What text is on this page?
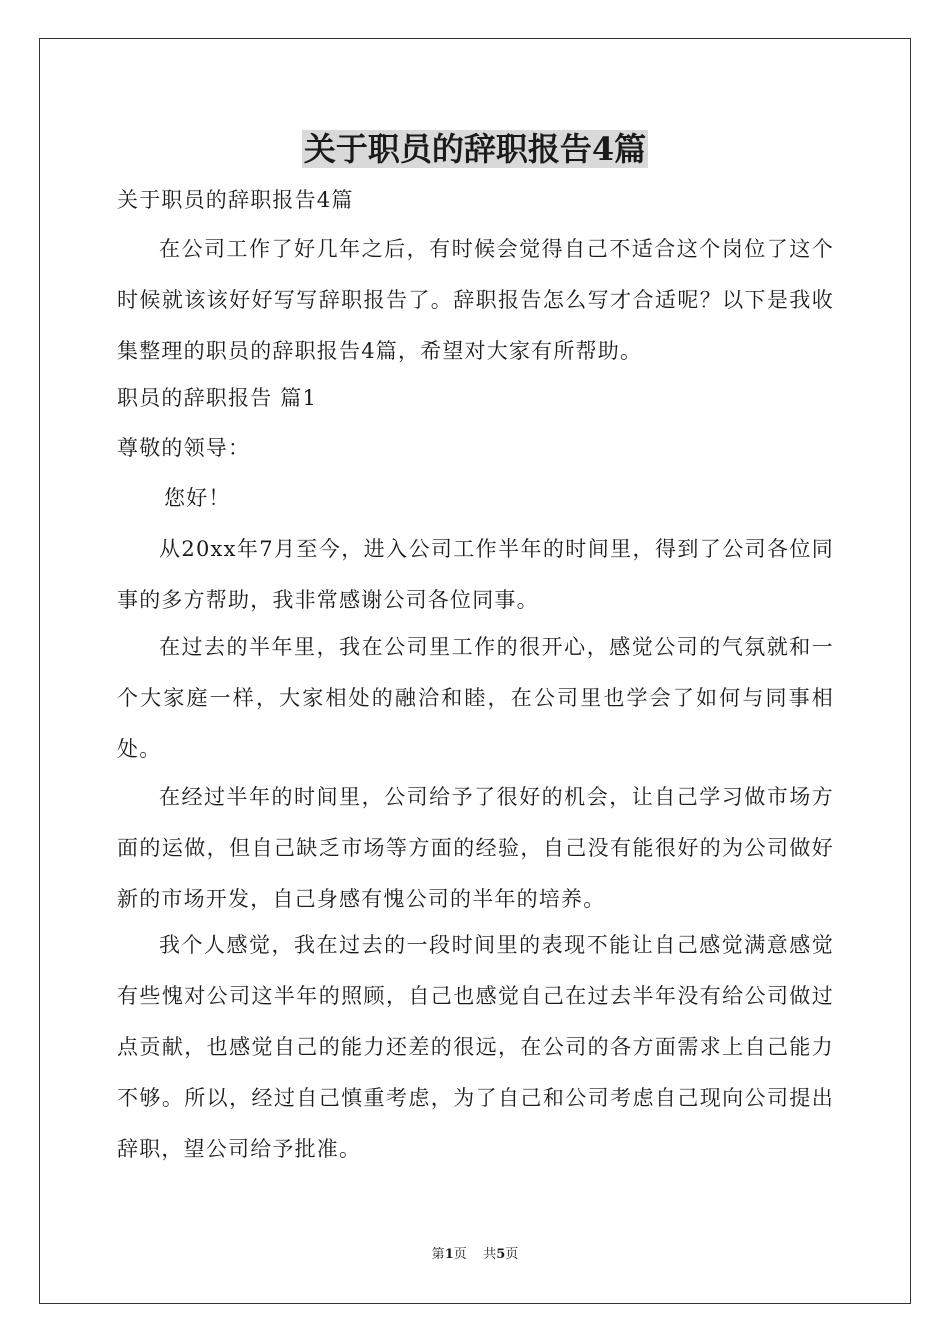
关于职员的辞职报告4篇
关于职员的辞职报告4篇
在公司工作了好几年之后，有时候会觉得自己不适合这个岗位了这个时候就该该好好写写辞职报告了。辞职报告怎么写才合适呢？以下是我收集整理的职员的辞职报告4篇，希望对大家有所帮助。
职员的辞职报告 篇1
尊敬的领导：
您好！
从20xx年7月至今，进入公司工作半年的时间里，得到了公司各位同事的多方帮助，我非常感谢公司各位同事。
在过去的半年里，我在公司里工作的很开心，感觉公司的气氛就和一个大家庭一样，大家相处的融洽和睦，在公司里也学会了如何与同事相处。
在经过半年的时间里，公司给予了很好的机会，让自己学习做市场方面的运做，但自己缺乏市场等方面的经验，自己没有能很好的为公司做好新的市场开发，自己身感有愧公司的半年的培养。
我个人感觉，我在过去的一段时间里的表现不能让自己感觉满意感觉有些愧对公司这半年的照顾，自己也感觉自己在过去半年没有给公司做过点贡献，也感觉自己的能力还差的很远，在公司的各方面需求上自己能力不够。所以，经过自己慎重考虑，为了自己和公司考虑自己现向公司提出辞职，望公司给予批准。
第1页    共5页
